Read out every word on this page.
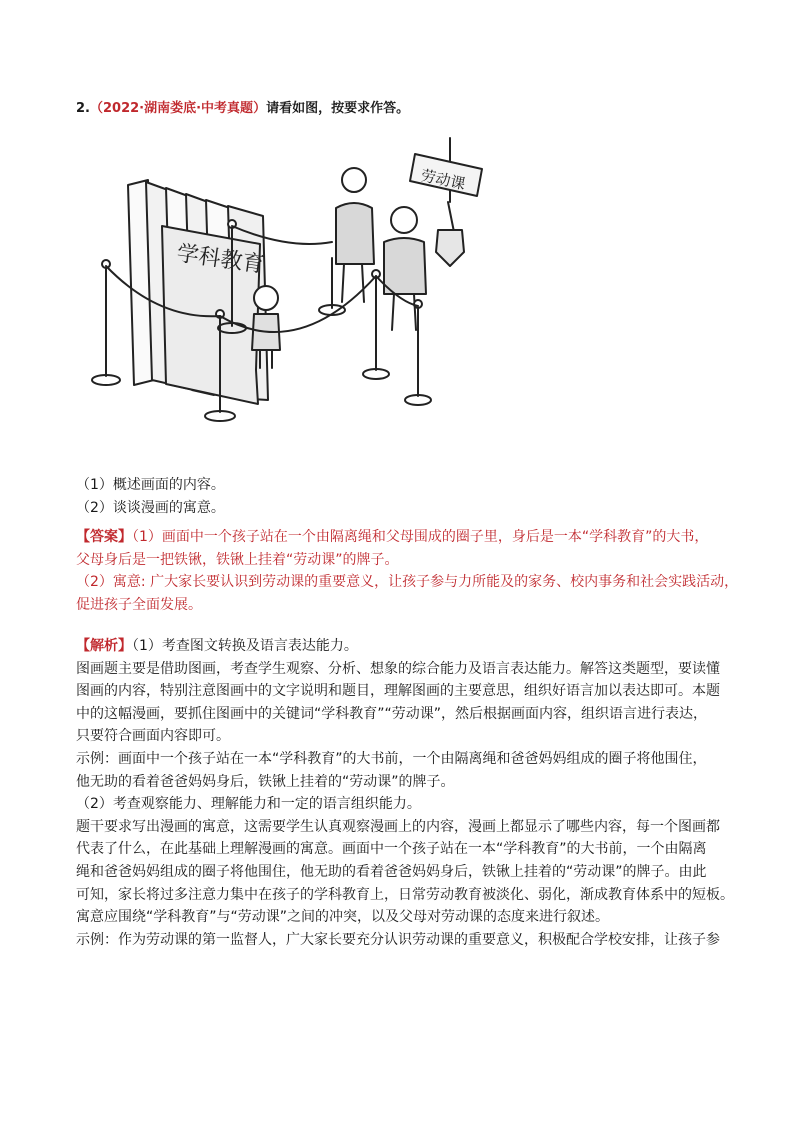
2.（2022·湖南娄底·中考真题）请看如图，按要求作答。
学科教育
劳动课

（1）概述画面的内容。

（2）谈谈漫画的寓意。

【答案】（1）画面中一个孩子站在一个由隔离绳和父母围成的圈子里，身后是一本“学科教育”的大书，

父母身后是一把铁锹，铁锹上挂着“劳动课”的牌子。

（2）寓意: 广大家长要认识到劳动课的重要意义，让孩子参与力所能及的家务、校内事务和社会实践活动，

促进孩子全面发展。

【解析】（1）考查图文转换及语言表达能力。

图画题主要是借助图画，考查学生观察、分析、想象的综合能力及语言表达能力。解答这类题型，要读懂

图画的内容，特别注意图画中的文字说明和题目，理解图画的主要意思，组织好语言加以表达即可。本题

中的这幅漫画，要抓住图画中的关键词“学科教育”“劳动课”，然后根据画面内容，组织语言进行表达，

只要符合画面内容即可。

示例：画面中一个孩子站在一本“学科教育”的大书前，一个由隔离绳和爸爸妈妈组成的圈子将他围住，

他无助的看着爸爸妈妈身后，铁锹上挂着的“劳动课”的牌子。

（2）考查观察能力、理解能力和一定的语言组织能力。

题干要求写出漫画的寓意，这需要学生认真观察漫画上的内容，漫画上都显示了哪些内容，每一个图画都

代表了什么，在此基础上理解漫画的寓意。画面中一个孩子站在一本“学科教育”的大书前，一个由隔离

绳和爸爸妈妈组成的圈子将他围住，他无助的看着爸爸妈妈身后，铁锹上挂着的“劳动课”的牌子。由此

可知，家长将过多注意力集中在孩子的学科教育上，日常劳动教育被淡化、弱化，渐成教育体系中的短板。

寓意应围绕“学科教育”与“劳动课”之间的冲突，以及父母对劳动课的态度来进行叙述。

示例：作为劳动课的第一监督人，广大家长要充分认识劳动课的重要意义，积极配合学校安排，让孩子参
